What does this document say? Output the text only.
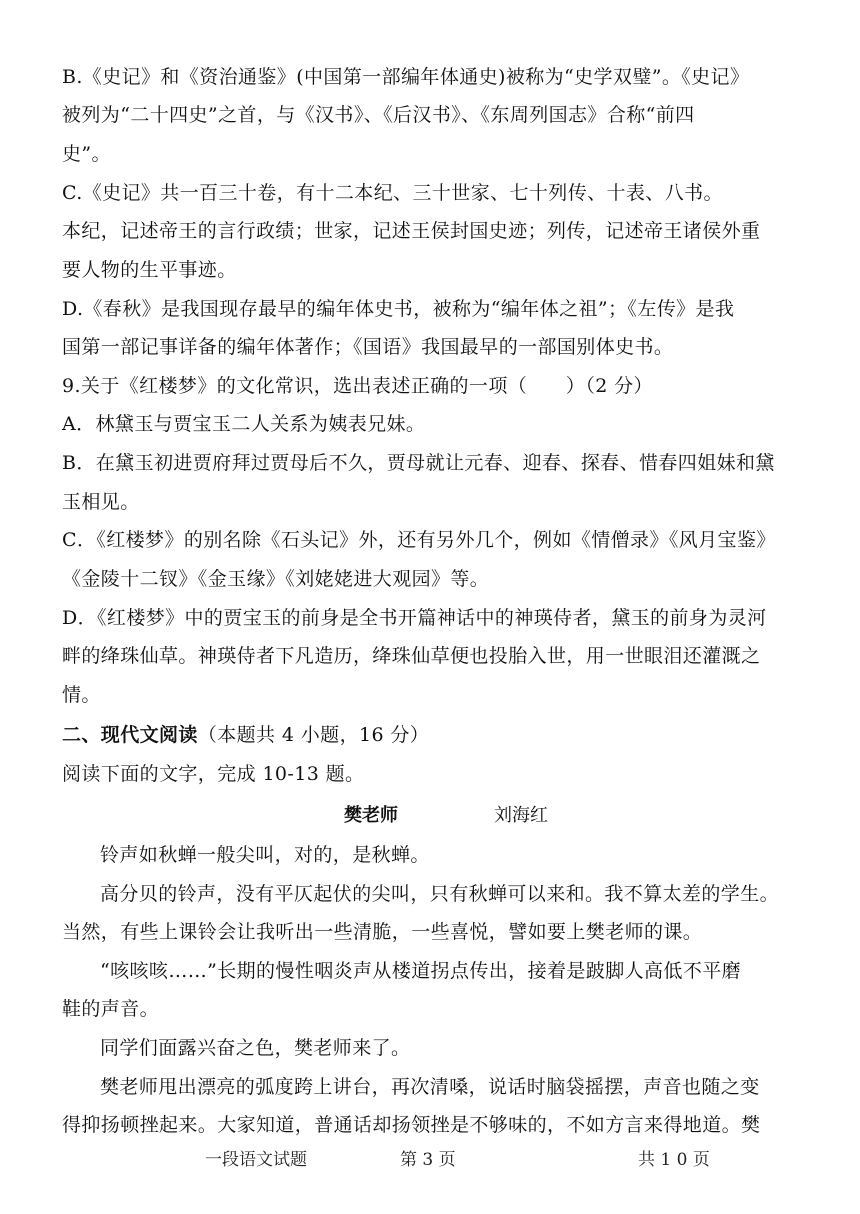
B.《史记》和《资治通鉴》(中国第一部编年体通史)被称为“史学双璧”。《史记》
被列为“二十四史”之首，与《汉书》、《后汉书》、《东周列国志》合称“前四
史”。
C.《史记》共一百三十卷，有十二本纪、三十世家、七十列传、十表、八书。
本纪，记述帝王的言行政绩；世家，记述王侯封国史迹；列传，记述帝王诸侯外重
要人物的生平事迹。
D.《春秋》是我国现存最早的编年体史书，被称为“编年体之祖”；《左传》是我
国第一部记事详备的编年体著作；《国语》我国最早的一部国别体史书。
9.关于《红楼梦》的文化常识，选出表述正确的一项（　　）（2 分）
A．林黛玉与贾宝玉二人关系为姨表兄妹。
B．在黛玉初进贾府拜过贾母后不久，贾母就让元春、迎春、探春、惜春四姐妹和黛
玉相见。
C．《红楼梦》的别名除《石头记》外，还有另外几个，例如《情僧录》《风月宝鉴》
《金陵十二钗》《金玉缘》《刘姥姥进大观园》等。
D．《红楼梦》中的贾宝玉的前身是全书开篇神话中的神瑛侍者，黛玉的前身为灵河
畔的绛珠仙草。神瑛侍者下凡造历，绛珠仙草便也投胎入世，用一世眼泪还灌溉之
情。
二、现代文阅读（本题共 4 小题，16 分）
阅读下面的文字，完成 10-13 题。
樊老师	刘海红
铃声如秋蝉一般尖叫，对的，是秋蝉。
高分贝的铃声，没有平仄起伏的尖叫，只有秋蝉可以来和。我不算太差的学生。
当然，有些上课铃会让我听出一些清脆，一些喜悦，譬如要上樊老师的课。
“咳咳咳……”长期的慢性咽炎声从楼道拐点传出，接着是跛脚人高低不平磨
鞋的声音。
同学们面露兴奋之色，樊老师来了。
樊老师甩出漂亮的弧度跨上讲台，再次清嗓，说话时脑袋摇摆，声音也随之变
得抑扬顿挫起来。大家知道，普通话却扬领挫是不够味的，不如方言来得地道。樊
一段语文试题	第 3 页	共 1 0 页
